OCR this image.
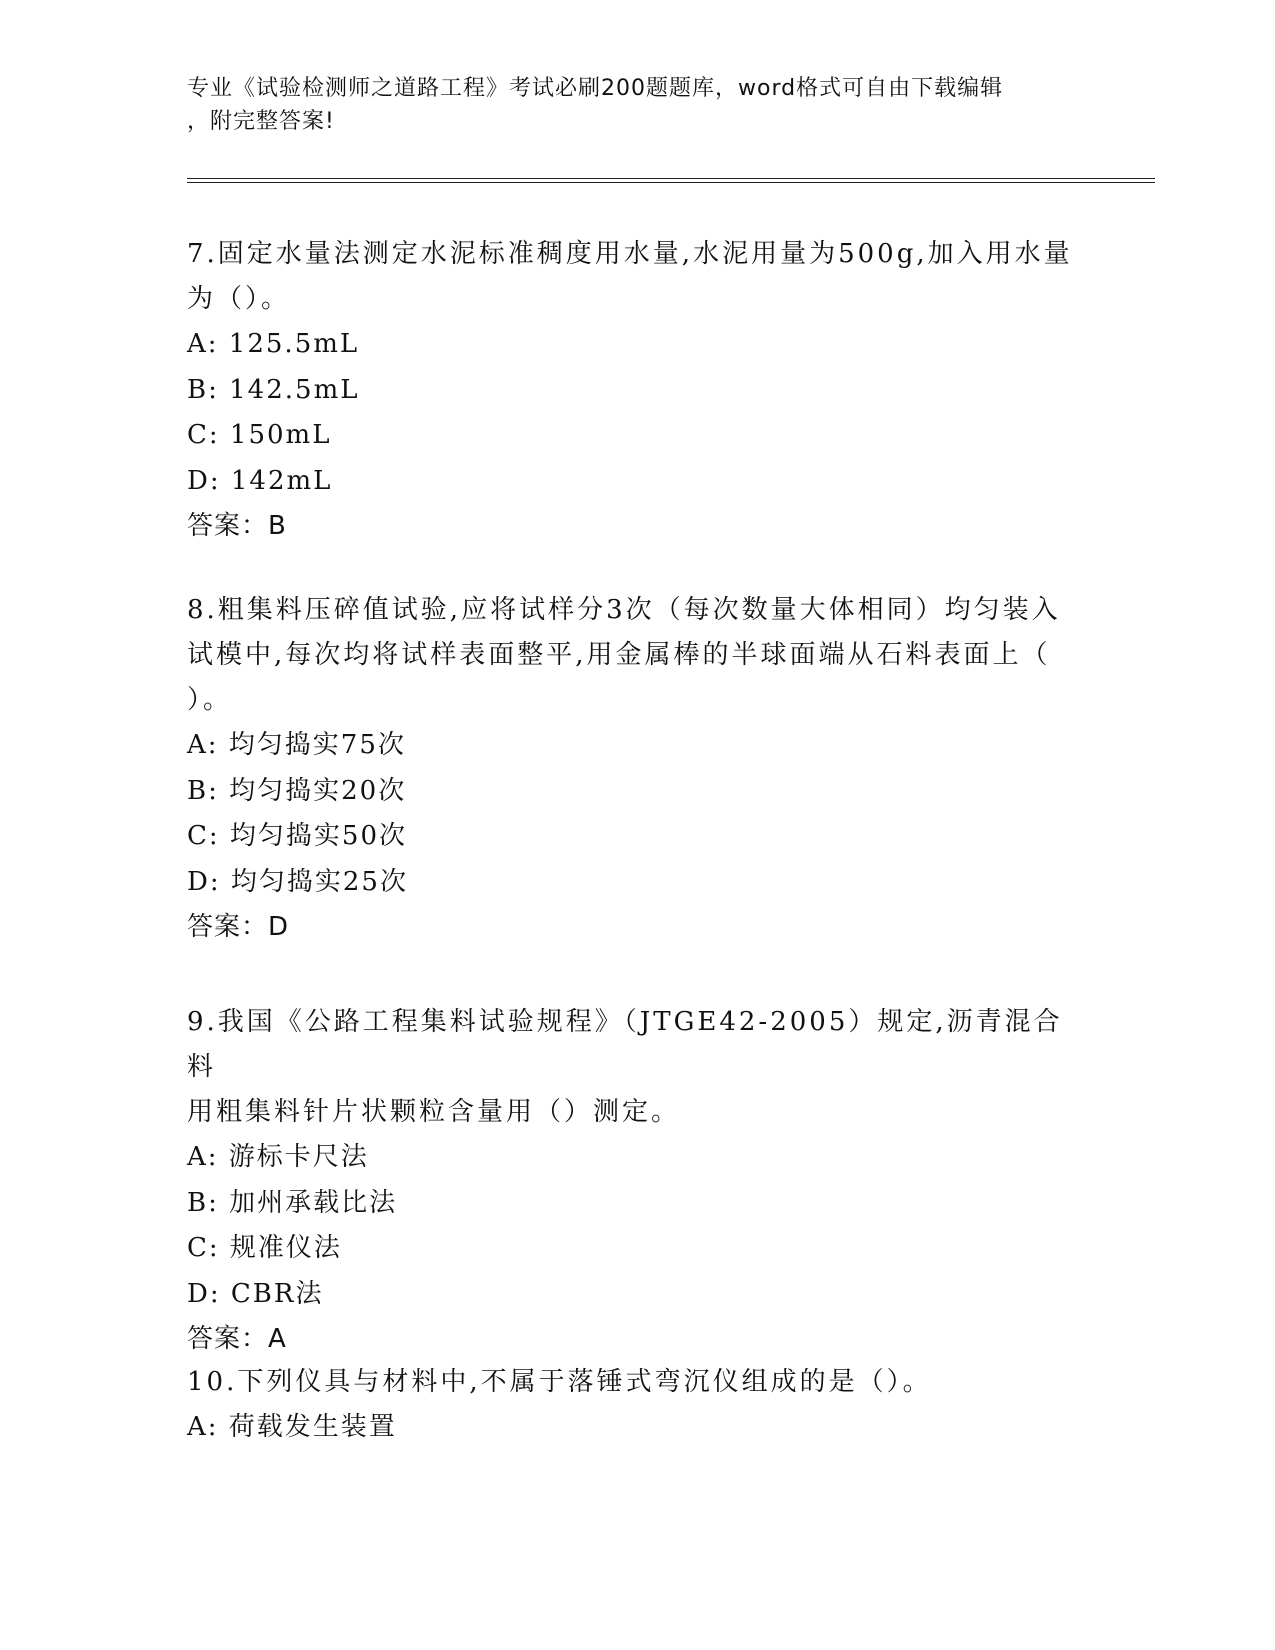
专业《试验检测师之道路工程》考试必刷200题题库，word格式可自由下载编辑
，附完整答案!
7.固定水量法测定水泥标准稠度用水量,水泥用量为500g,加入用水量
为（）。
A: 125.5mL
B: 142.5mL
C: 150mL
D: 142mL
答案：B
8.粗集料压碎值试验,应将试样分3次（每次数量大体相同）均匀装入
试模中,每次均将试样表面整平,用金属棒的半球面端从石料表面上（
）。
A: 均匀捣实75次
B: 均匀捣实20次
C: 均匀捣实50次
D: 均匀捣实25次
答案：D
9.我国《公路工程集料试验规程》（JTGE42-2005）规定,沥青混合料
用粗集料针片状颗粒含量用（）测定。
A: 游标卡尺法
B: 加州承载比法
C: 规准仪法
D: CBR法
答案：A
10.下列仪具与材料中,不属于落锤式弯沉仪组成的是（）。
A: 荷载发生装置
